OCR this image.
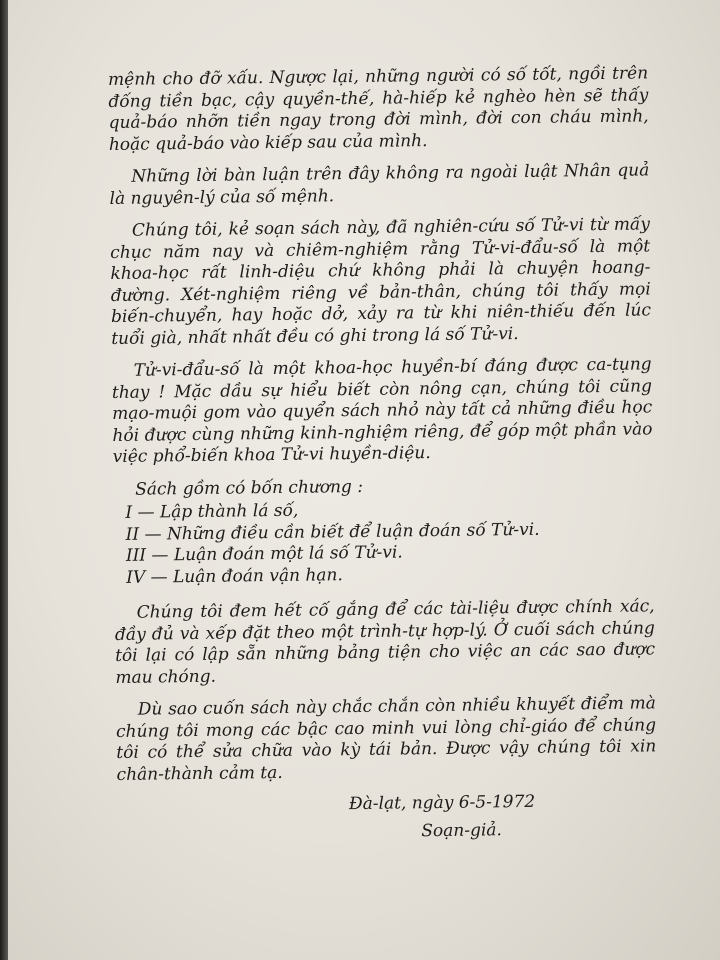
mệnh cho đỡ xấu. Ngược lại, những người có số tốt, ngồi trên đống tiền bạc, cậy quyền-thế, hà-hiếp kẻ nghèo hèn sẽ thấy quả-báo nhỡn tiền ngay trong đời mình, đời con cháu mình, hoặc quả-báo vào kiếp sau của mình.

Những lời bàn luận trên đây không ra ngoài luật Nhân quả là nguyên-lý của số mệnh.

Chúng tôi, kẻ soạn sách này, đã nghiên-cứu số Tử-vi từ mấy chục năm nay và chiêm-nghiệm rằng Tử-vi-đẩu-số là một khoa-học rất linh-diệu chứ không phải là chuyện hoang-đường. Xét-nghiệm riêng về bản-thân, chúng tôi thấy mọi biến-chuyển, hay hoặc dở, xảy ra từ khi niên-thiếu đến lúc tuổi già, nhất nhất đều có ghi trong lá số Tử-vi.

Tử-vi-đẩu-số là một khoa-học huyền-bí đáng được ca-tụng thay ! Mặc dầu sự hiểu biết còn nông cạn, chúng tôi cũng mạo-muội gom vào quyển sách nhỏ này tất cả những điều học hỏi được cùng những kinh-nghiệm riêng, để góp một phần vào việc phổ-biến khoa Tử-vi huyền-diệu.

Sách gồm có bốn chương :

I — Lập thành lá số,
II — Những điều cần biết để luận đoán số Tử-vi.
III — Luận đoán một lá số Tử-vi.
IV — Luận đoán vận hạn.

Chúng tôi đem hết cố gắng để các tài-liệu được chính xác, đầy đủ và xếp đặt theo một trình-tự hợp-lý. Ở cuối sách chúng tôi lại có lập sẵn những bảng tiện cho việc an các sao được mau chóng.

Dù sao cuốn sách này chắc chắn còn nhiều khuyết điểm mà chúng tôi mong các bậc cao minh vui lòng chỉ-giáo để chúng tôi có thể sửa chữa vào kỳ tái bản. Được vậy chúng tôi xin chân-thành cảm tạ.

Đà-lạt, ngày 6-5-1972
Soạn-giả.
